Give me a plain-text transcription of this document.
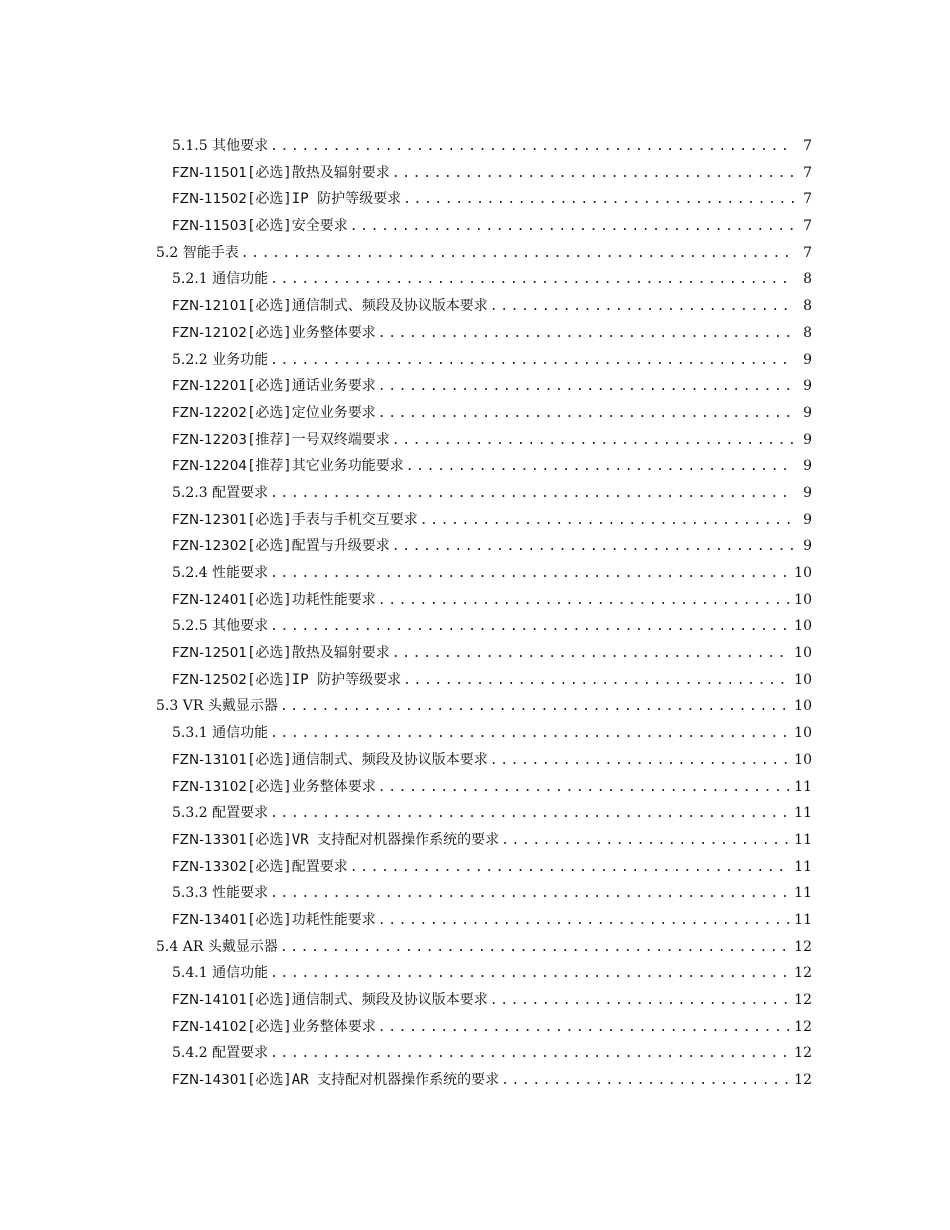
5.1.5 其他要求 .....	7
FZN-11501 [必选] 散热及辐射要求 .....	7
FZN-11502 [必选] IP 防护等级要求 .....	7
FZN-11503 [必选] 安全要求 .....	7
5.2 智能手表 .....	7
5.2.1 通信功能 .....	8
FZN-12101 [必选] 通信制式、频段及协议版本要求 .....	8
FZN-12102 [必选] 业务整体要求 .....	8
5.2.2 业务功能 .....	9
FZN-12201 [必选] 通话业务要求 .....	9
FZN-12202 [必选] 定位业务要求 .....	9
FZN-12203 [推荐] 一号双终端要求 .....	9
FZN-12204 [推荐] 其它业务功能要求 .....	9
5.2.3 配置要求 .....	9
FZN-12301 [必选] 手表与手机交互要求 .....	9
FZN-12302 [必选] 配置与升级要求 .....	9
5.2.4 性能要求 .....	10
FZN-12401 [必选] 功耗性能要求 .....	10
5.2.5 其他要求 .....	10
FZN-12501 [必选] 散热及辐射要求 .....	10
FZN-12502 [必选] IP 防护等级要求 .....	10
5.3 VR 头戴显示器 .....	10
5.3.1 通信功能 .....	10
FZN-13101 [必选] 通信制式、频段及协议版本要求 .....	10
FZN-13102 [必选] 业务整体要求 .....	11
5.3.2 配置要求 .....	11
FZN-13301 [必选] VR 支持配对机器操作系统的要求 .....	11
FZN-13302 [必选] 配置要求 .....	11
5.3.3 性能要求 .....	11
FZN-13401 [必选] 功耗性能要求 .....	11
5.4 AR 头戴显示器 .....	12
5.4.1 通信功能 .....	12
FZN-14101 [必选] 通信制式、频段及协议版本要求 .....	12
FZN-14102 [必选] 业务整体要求 .....	12
5.4.2 配置要求 .....	12
FZN-14301 [必选] AR 支持配对机器操作系统的要求 .....	12
